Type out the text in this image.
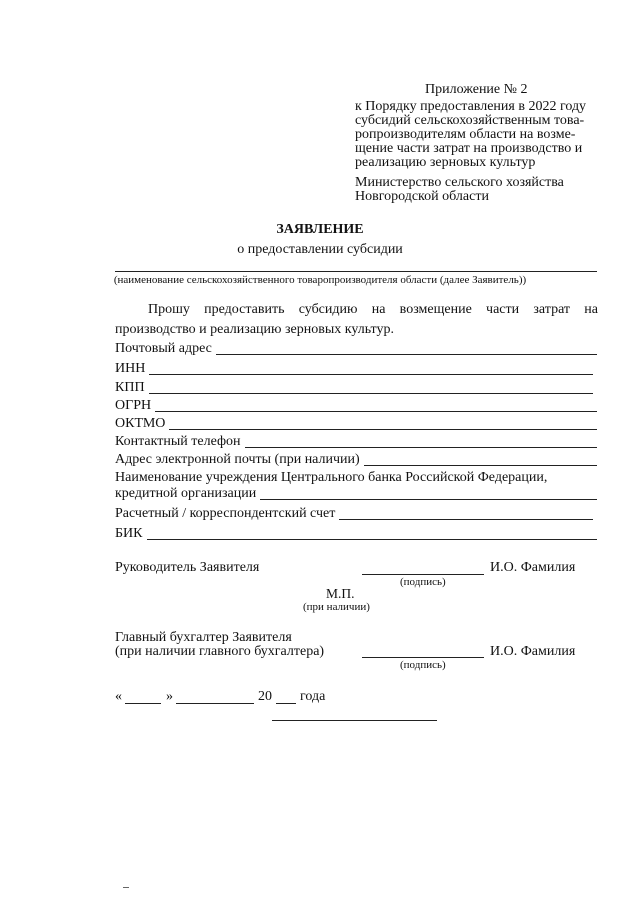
Приложение № 2
к Порядку предоставления в 2022 году
субсидий сельскохозяйственным това-
ропроизводителям области на возме-
щение части затрат на производство и
реализацию зерновых культур
Министерство сельского хозяйства
Новгородской области
ЗАЯВЛЕНИЕ
о предоставлении субсидии
(наименование сельскохозяйственного товаропроизводителя области (далее Заявитель))
Прошу предоставить субсидию на возмещение части затрат на
производство и реализацию зерновых культур.
Почтовый адрес
ИНН
КПП
ОГРН
ОКТМО
Контактный телефон
Адрес электронной почты (при наличии)
Наименование учреждения Центрального банка Российской Федерации,
кредитной организации
Расчетный / корреспондентский счет
БИК
Руководитель Заявителя	И.О. Фамилия
(подпись)
М.П.
(при наличии)
Главный бухгалтер Заявителя
(при наличии главного бухгалтера)	И.О. Фамилия
(подпись)
«	»	20 года
